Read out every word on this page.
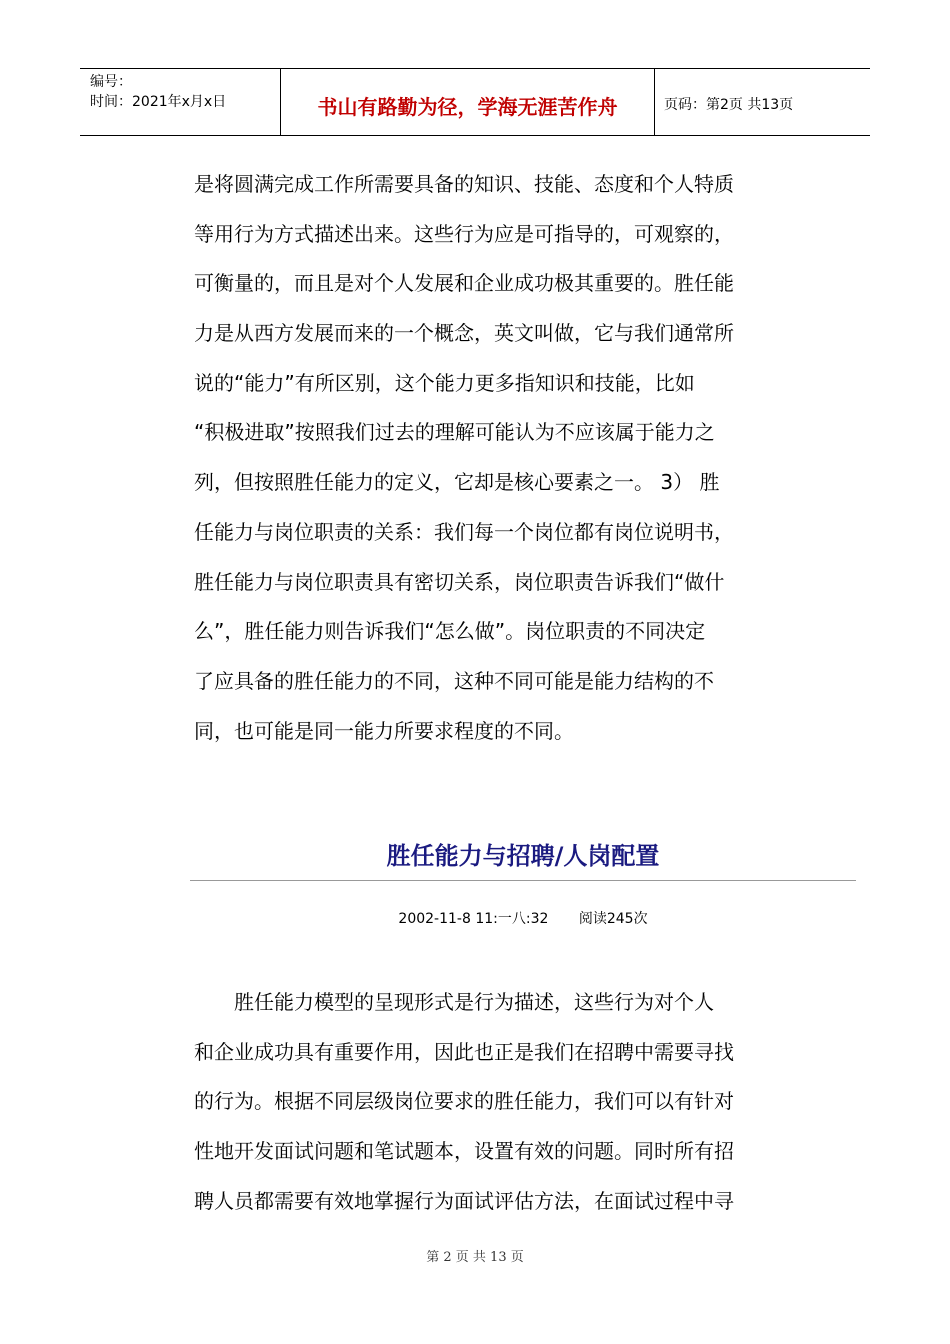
编号：
时间：2021年x月x日	书山有路勤为径，学海无涯苦作舟	页码：第2页 共13页
是将圆满完成工作所需要具备的知识、技能、态度和个人特质
等用行为方式描述出来。这些行为应是可指导的，可观察的，
可衡量的，而且是对个人发展和企业成功极其重要的。胜任能
力是从西方发展而来的一个概念，英文叫做，它与我们通常所
说的“能力”有所区别，这个能力更多指知识和技能，比如
“积极进取”按照我们过去的理解可能认为不应该属于能力之
列，但按照胜任能力的定义，它却是核心要素之一。 3） 胜
任能力与岗位职责的关系：我们每一个岗位都有岗位说明书，
胜任能力与岗位职责具有密切关系，岗位职责告诉我们“做什
么”，胜任能力则告诉我们“怎么做”。岗位职责的不同决定
了应具备的胜任能力的不同，这种不同可能是能力结构的不
同，也可能是同一能力所要求程度的不同。
胜任能力与招聘/人岗配置
2002-11-8 11:一八:32 阅读245次
　　胜任能力模型的呈现形式是行为描述，这些行为对个人
和企业成功具有重要作用，因此也正是我们在招聘中需要寻找
的行为。根据不同层级岗位要求的胜任能力，我们可以有针对
性地开发面试问题和笔试题本，设置有效的问题。同时所有招
聘人员都需要有效地掌握行为面试评估方法，在面试过程中寻
第 2 页 共 13 页
